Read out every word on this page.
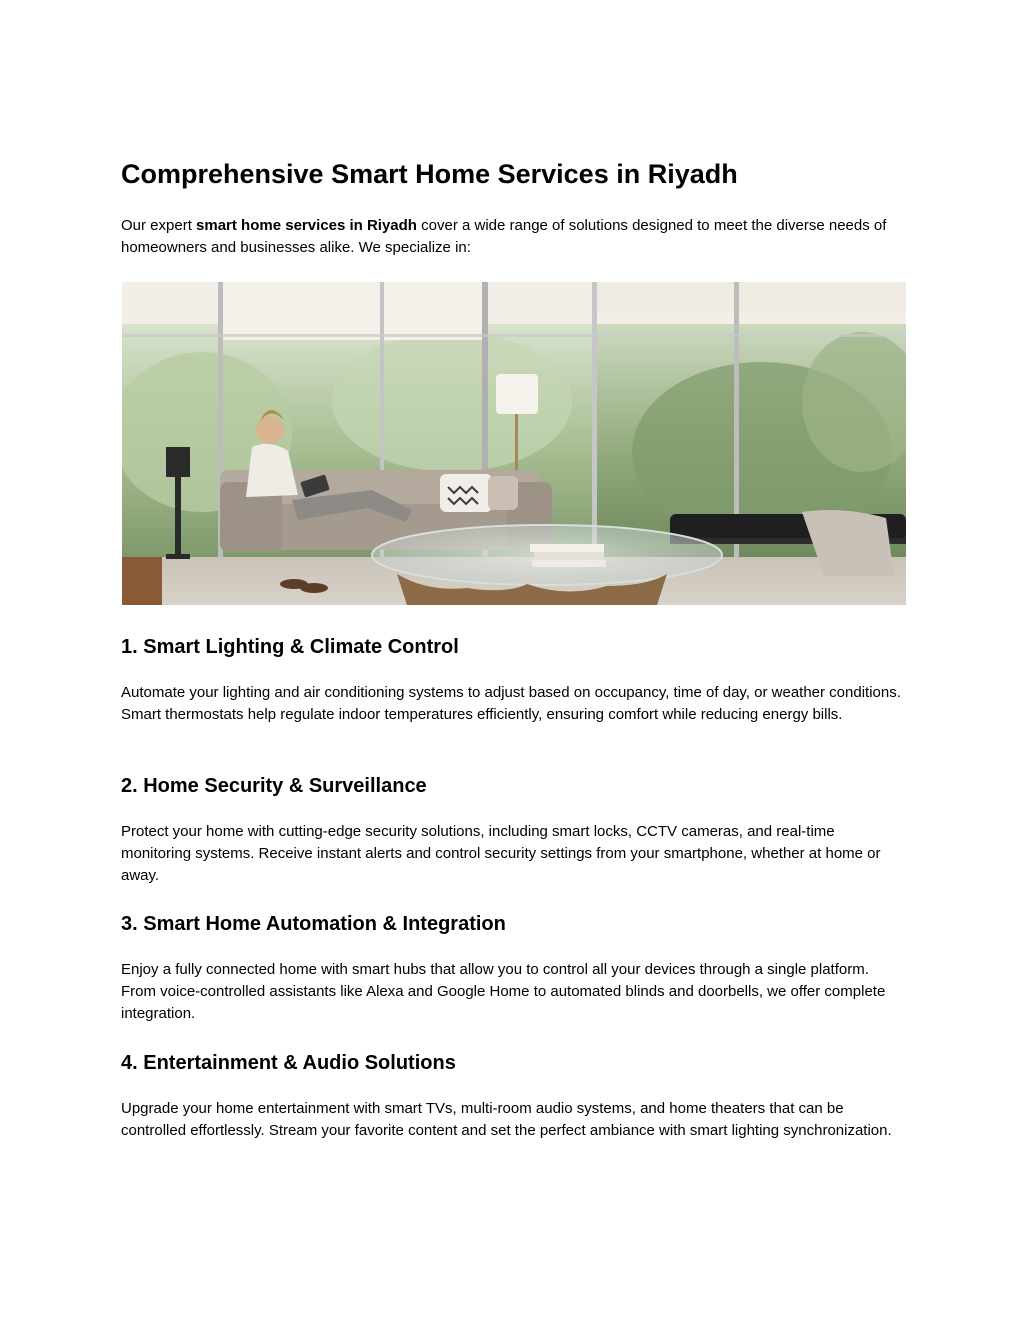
Comprehensive Smart Home Services in Riyadh

Our expert smart home services in Riyadh cover a wide range of solutions designed to meet the diverse needs of homeowners and businesses alike. We specialize in:

1. Smart Lighting & Climate Control

Automate your lighting and air conditioning systems to adjust based on occupancy, time of day, or weather conditions. Smart thermostats help regulate indoor temperatures efficiently, ensuring comfort while reducing energy bills.

2. Home Security & Surveillance

Protect your home with cutting-edge security solutions, including smart locks, CCTV cameras, and real-time monitoring systems. Receive instant alerts and control security settings from your smartphone, whether at home or away.

3. Smart Home Automation & Integration

Enjoy a fully connected home with smart hubs that allow you to control all your devices through a single platform. From voice-controlled assistants like Alexa and Google Home to automated blinds and doorbells, we offer complete integration.

4. Entertainment & Audio Solutions

Upgrade your home entertainment with smart TVs, multi-room audio systems, and home theaters that can be controlled effortlessly. Stream your favorite content and set the perfect ambiance with smart lighting synchronization.
